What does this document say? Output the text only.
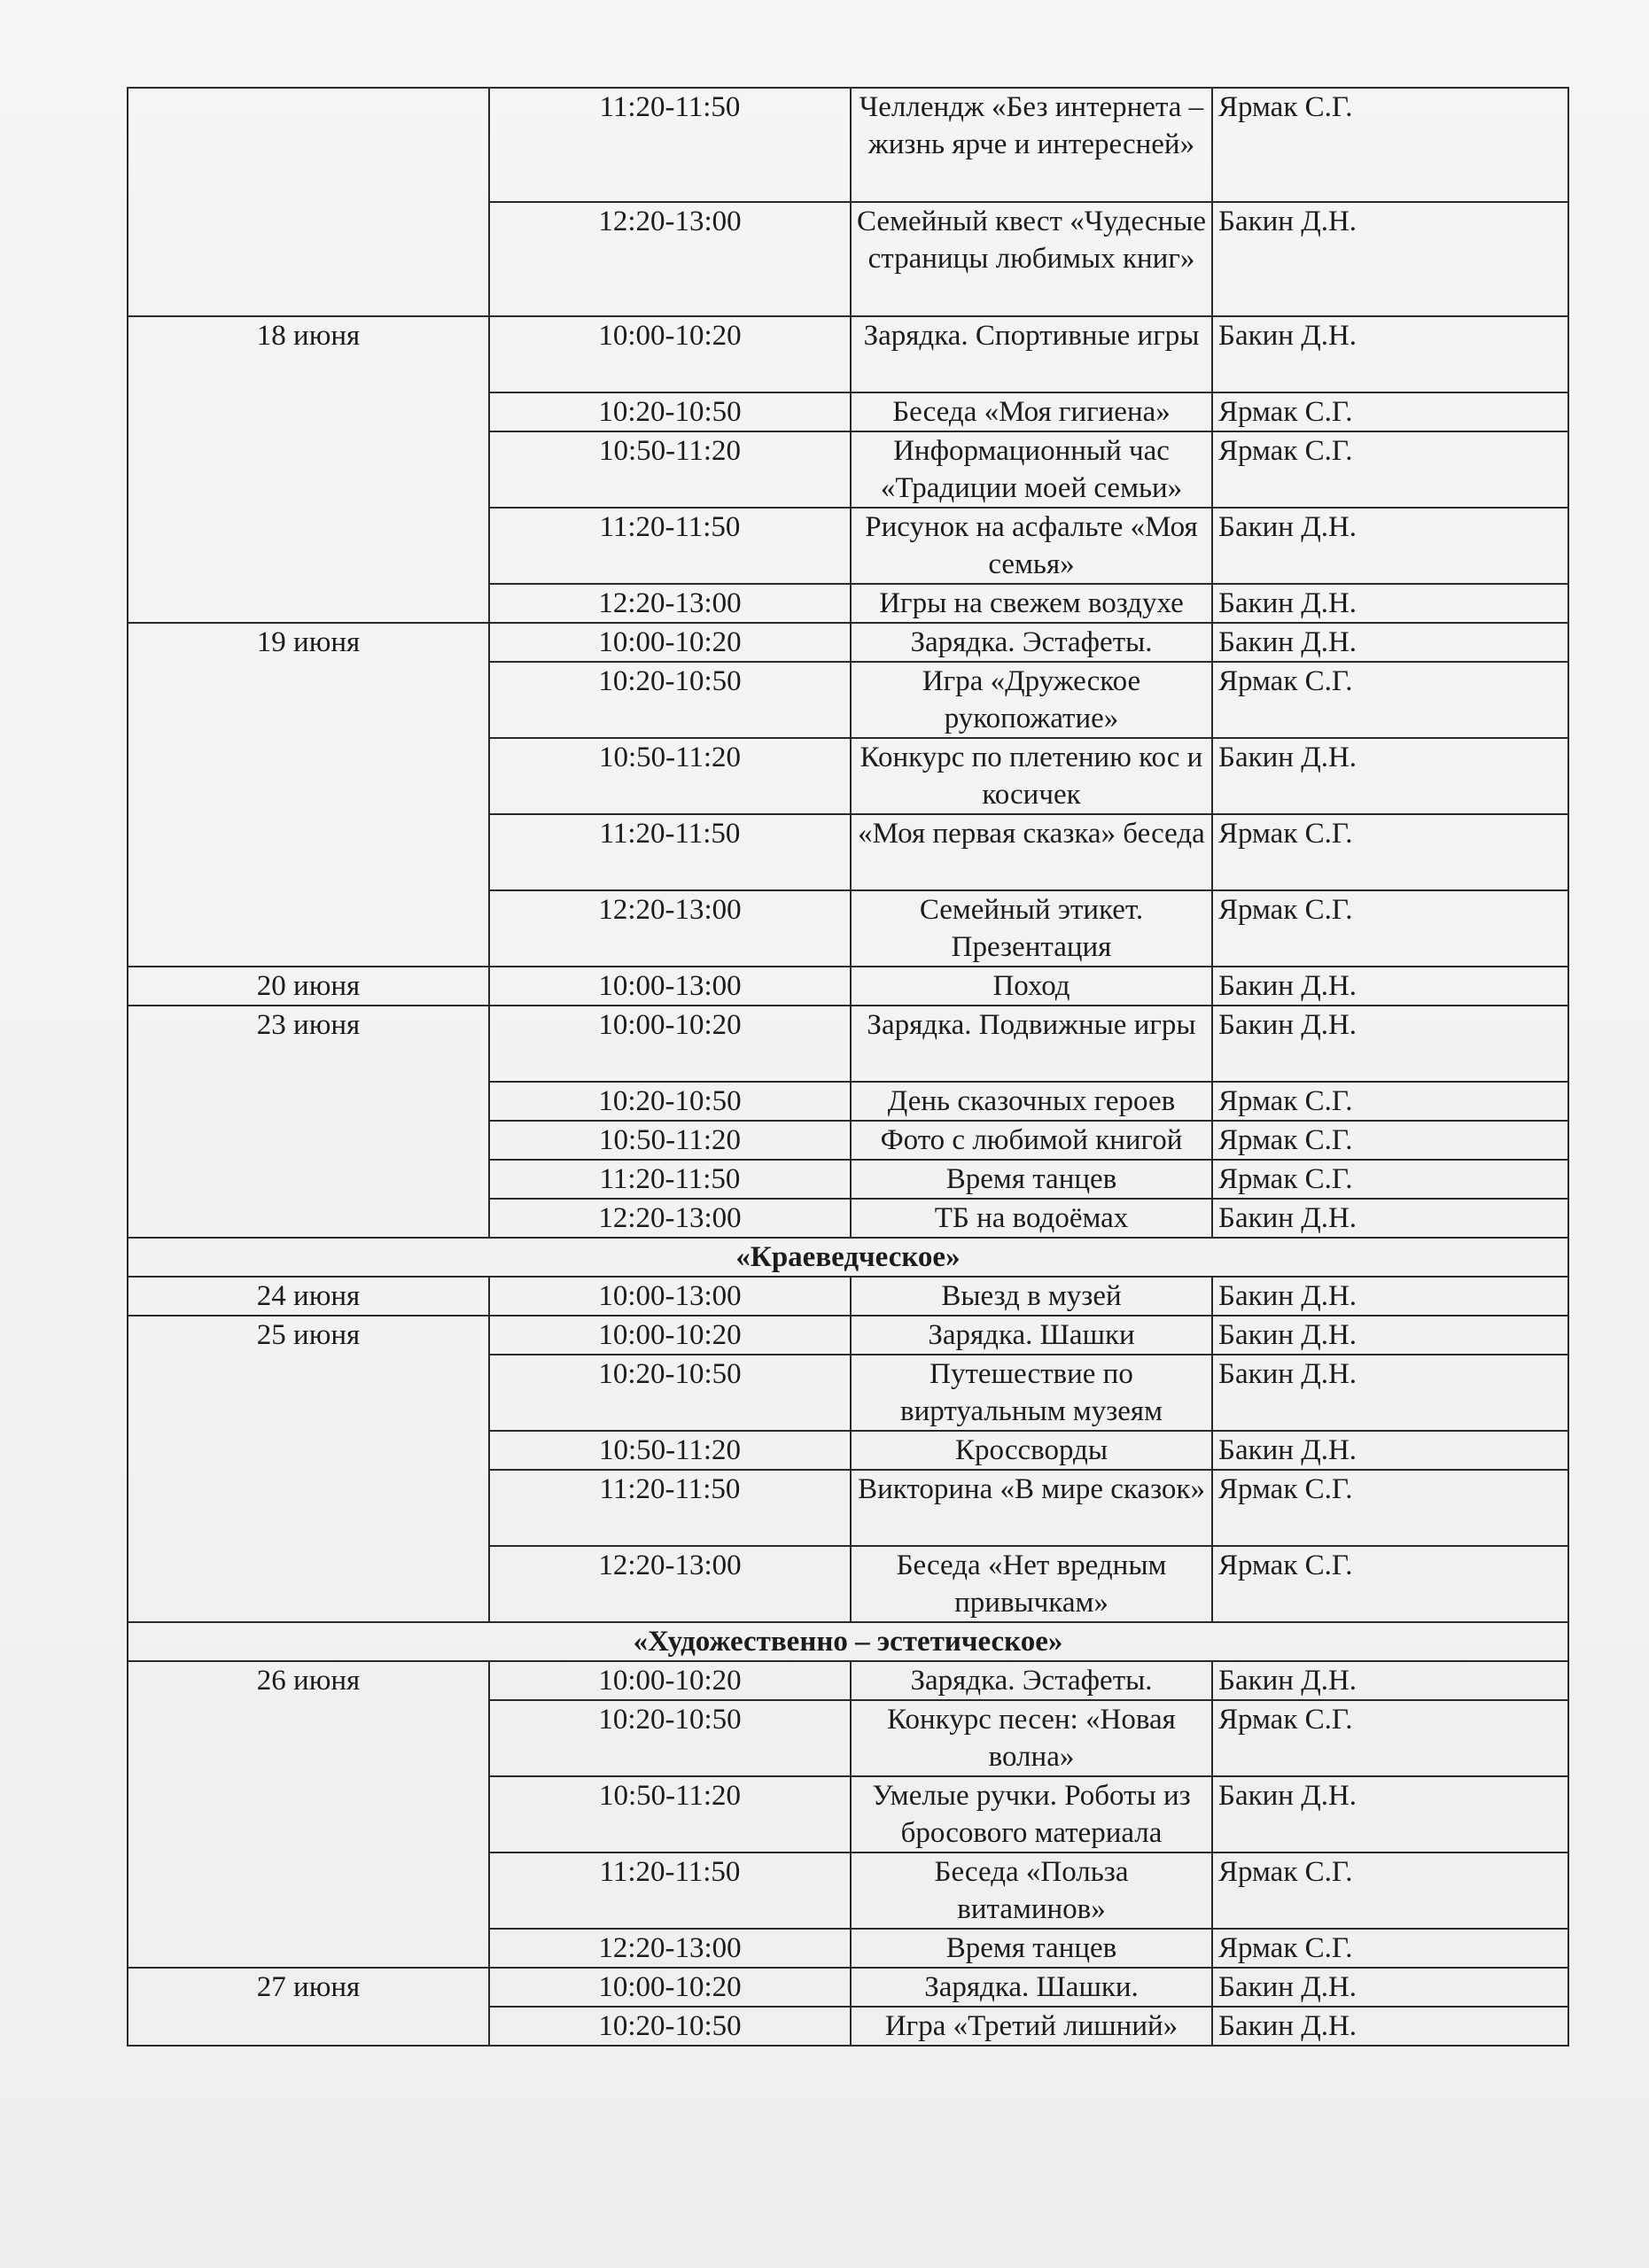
	11:20-11:50	Челлендж «Без интернета – жизнь ярче и интересней»	Ярмак С.Г.
	12:20-13:00	Семейный квест «Чудесные страницы любимых книг»	Бакин Д.Н.
18 июня	10:00-10:20	Зарядка. Спортивные игры	Бакин Д.Н.
	10:20-10:50	Беседа «Моя гигиена»	Ярмак С.Г.
	10:50-11:20	Информационный час «Традиции моей семьи»	Ярмак С.Г.
	11:20-11:50	Рисунок на асфальте «Моя семья»	Бакин Д.Н.
	12:20-13:00	Игры на свежем воздухе	Бакин Д.Н.
19 июня	10:00-10:20	Зарядка. Эстафеты.	Бакин Д.Н.
	10:20-10:50	Игра «Дружеское рукопожатие»	Ярмак С.Г.
	10:50-11:20	Конкурс по плетению кос и косичек	Бакин Д.Н.
	11:20-11:50	«Моя первая сказка» беседа	Ярмак С.Г.
	12:20-13:00	Семейный этикет. Презентация	Ярмак С.Г.
20 июня	10:00-13:00	Поход	Бакин Д.Н.
23 июня	10:00-10:20	Зарядка. Подвижные игры	Бакин Д.Н.
	10:20-10:50	День сказочных героев	Ярмак С.Г.
	10:50-11:20	Фото с любимой книгой	Ярмак С.Г.
	11:20-11:50	Время танцев	Ярмак С.Г.
	12:20-13:00	ТБ на водоёмах	Бакин Д.Н.
«Краеведческое»			
24 июня	10:00-13:00	Выезд в музей	Бакин Д.Н.
25 июня	10:00-10:20	Зарядка. Шашки	Бакин Д.Н.
	10:20-10:50	Путешествие по виртуальным музеям	Бакин Д.Н.
	10:50-11:20	Кроссворды	Бакин Д.Н.
	11:20-11:50	Викторина «В мире сказок»	Ярмак С.Г.
	12:20-13:00	Беседа «Нет вредным привычкам»	Ярмак С.Г.
«Художественно – эстетическое»			
26 июня	10:00-10:20	Зарядка. Эстафеты.	Бакин Д.Н.
	10:20-10:50	Конкурс песен: «Новая волна»	Ярмак С.Г.
	10:50-11:20	Умелые ручки. Роботы из бросового материала	Бакин Д.Н.
	11:20-11:50	Беседа «Польза витаминов»	Ярмак С.Г.
	12:20-13:00	Время танцев	Ярмак С.Г.
27 июня	10:00-10:20	Зарядка. Шашки.	Бакин Д.Н.
	10:20-10:50	Игра «Третий лишний»	Бакин Д.Н.
